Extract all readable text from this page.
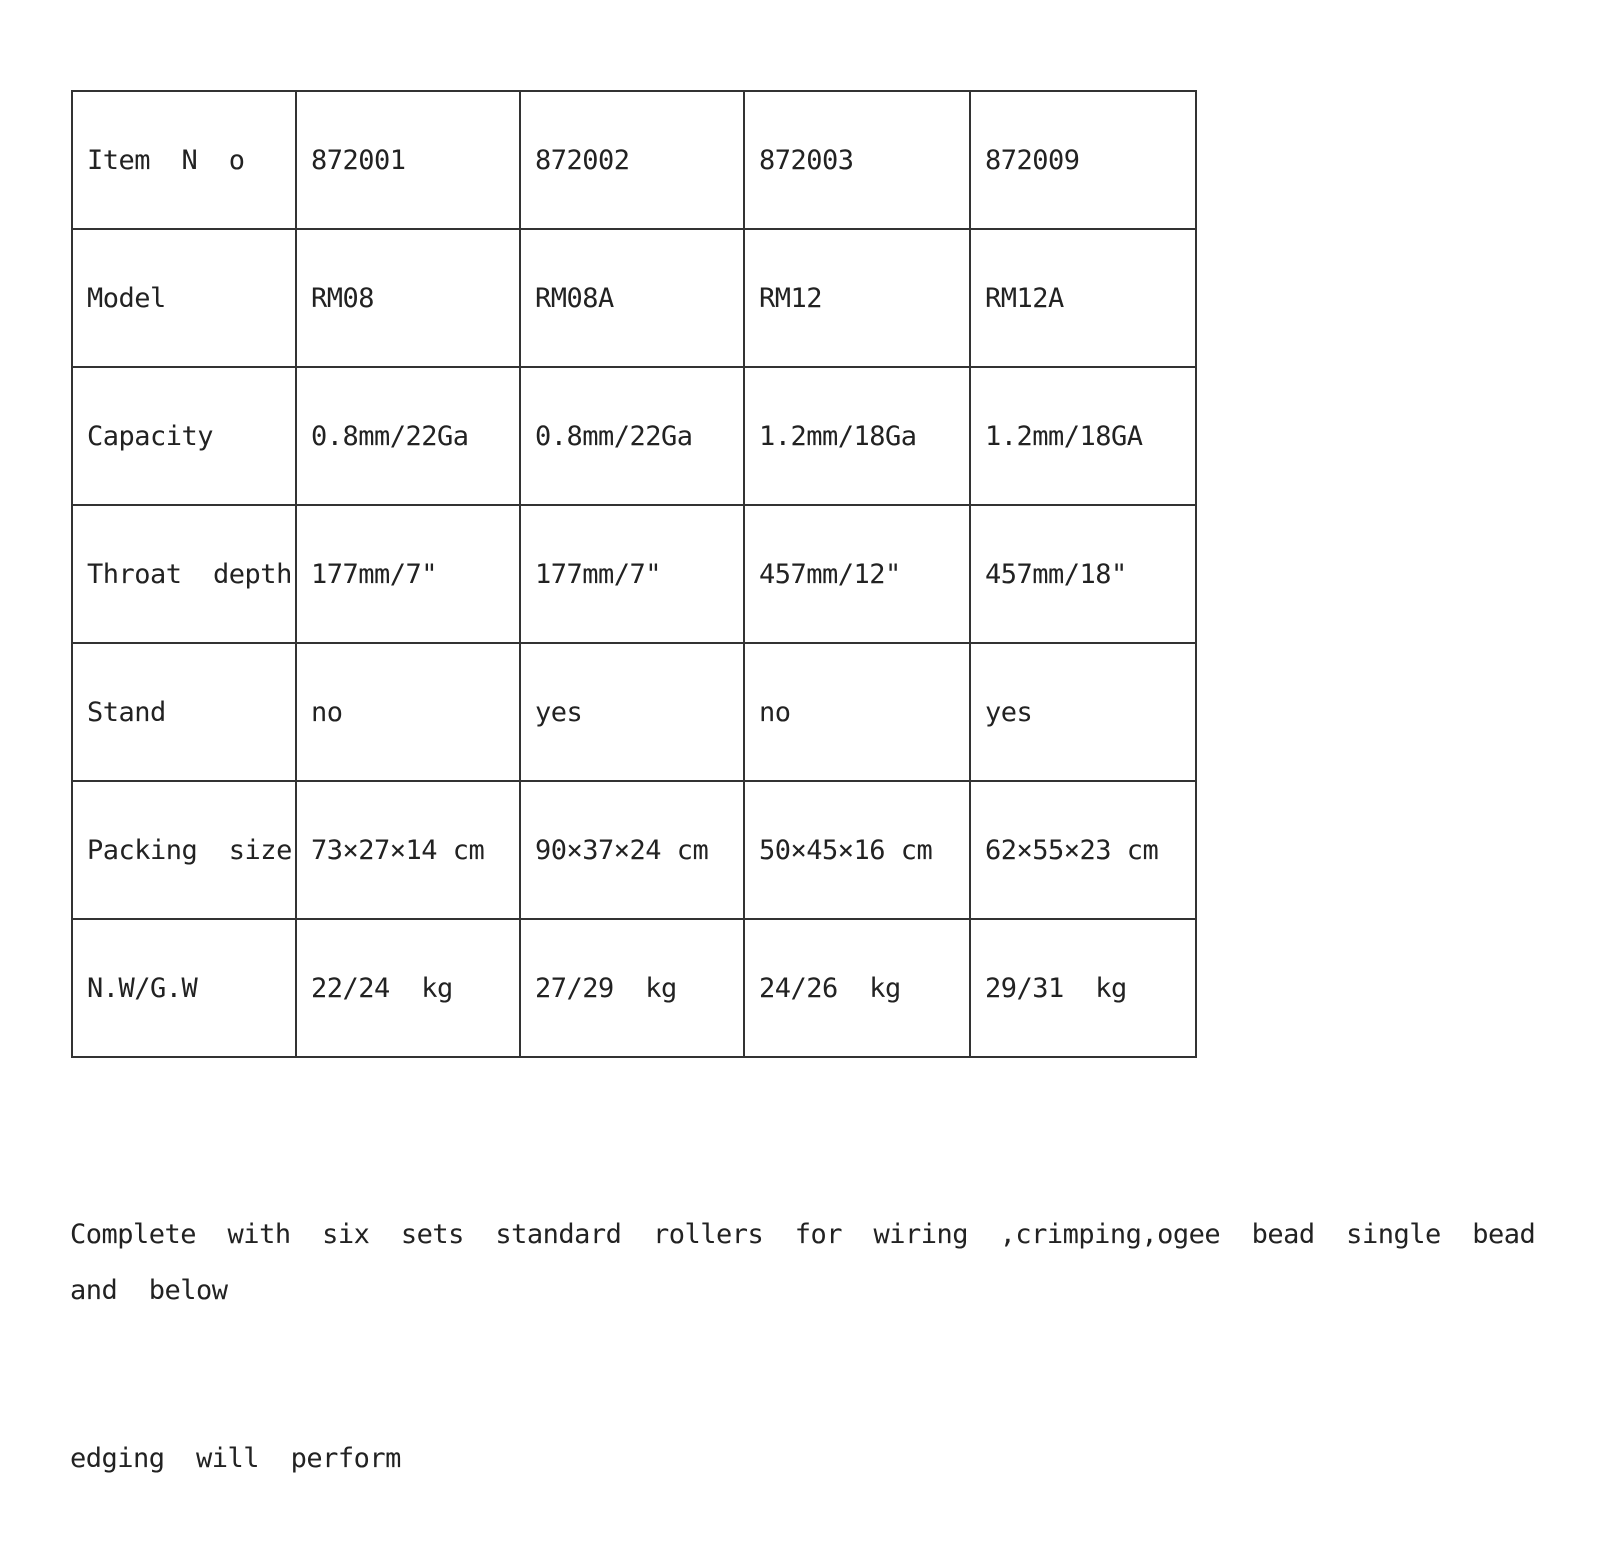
Item  N  o	872001	872002	872003	872009
Model	RM08	RM08A	RM12	RM12A
Capacity	0.8mm/22Ga	0.8mm/22Ga	1.2mm/18Ga	1.2mm/18GA
Throat  depth	177mm/7"	177mm/7"	457mm/12"	457mm/18"
Stand	no	yes	no	yes
Packing  size	73×27×14 cm	90×37×24 cm	50×45×16 cm	62×55×23 cm
N.W/G.W	22/24  kg	27/29  kg	24/26  kg	29/31  kg

Complete  with  six  sets  standard  rollers  for  wiring  ,crimping,ogee  bead  single  bead  and  below

edging  will  perform
